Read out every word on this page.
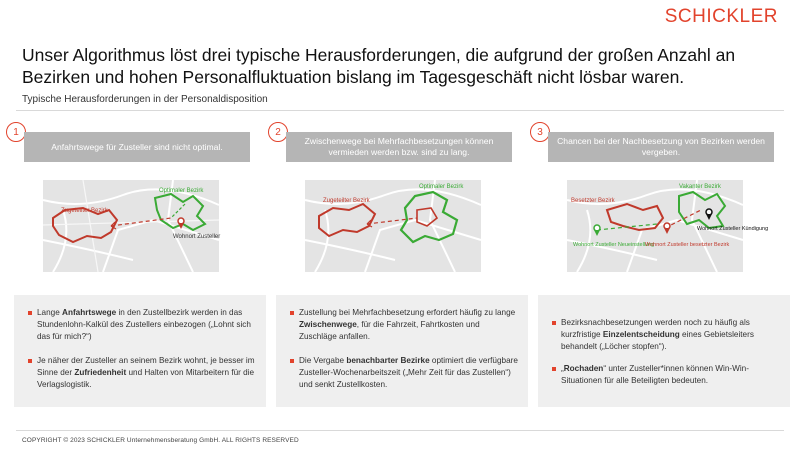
SCHICKLER
Unser Algorithmus löst drei typische Herausforderungen, die aufgrund der großen Anzahl an Bezirken und hohen Personalfluktuation bislang im Tagesgeschäft nicht lösbar waren.
Typische Herausforderungen in der Personaldisposition
1
Anfahrtswege für Zusteller sind nicht optimal.
Zugeteilter Bezirk
Optimaler Bezirk
Wohnort Zusteller
Lange Anfahrtswege in den Zustellbezirk werden in das Stundenlohn-Kalkül des Zustellers einbezogen („Lohnt sich das für mich?“)
Je näher der Zusteller an seinem Bezirk wohnt, je besser im Sinne der Zufriedenheit und Halten von Mitarbeitern für die Verlagslogistik.
2
Zwischenwege bei Mehrfachbesetzungen können vermieden werden bzw. sind zu lang.
Zugeteilter Bezirk
Optimaler Bezirk
Zustellung bei Mehrfachbesetzung erfordert häufig zu lange Zwischenwege, für die Fahrzeit, Fahrtkosten und Zuschläge anfallen.
Die Vergabe benachbarter Bezirke optimiert die verfügbare Zusteller-Wochenarbeitszeit („Mehr Zeit für das Zustellen“) und senkt Zustellkosten.
3
Chancen bei der Nachbesetzung von Bezirken werden vergeben.
Besetzter Bezirk
Vakanter Bezirk
Wohnort Zusteller Kündigung
Wohnort Zusteller Neueinstellung
Wohnort Zusteller besetzter Bezirk
Bezirksnachbesetzungen werden noch zu häufig als kurzfristige Einzelentscheidung eines Gebietsleiters behandelt („Löcher stopfen“).
„Rochaden“ unter Zusteller*innen können Win-Win-Situationen für alle Beteiligten bedeuten.
COPYRIGHT © 2023 SCHICKLER Unternehmensberatung GmbH. ALL RIGHTS RESERVED
